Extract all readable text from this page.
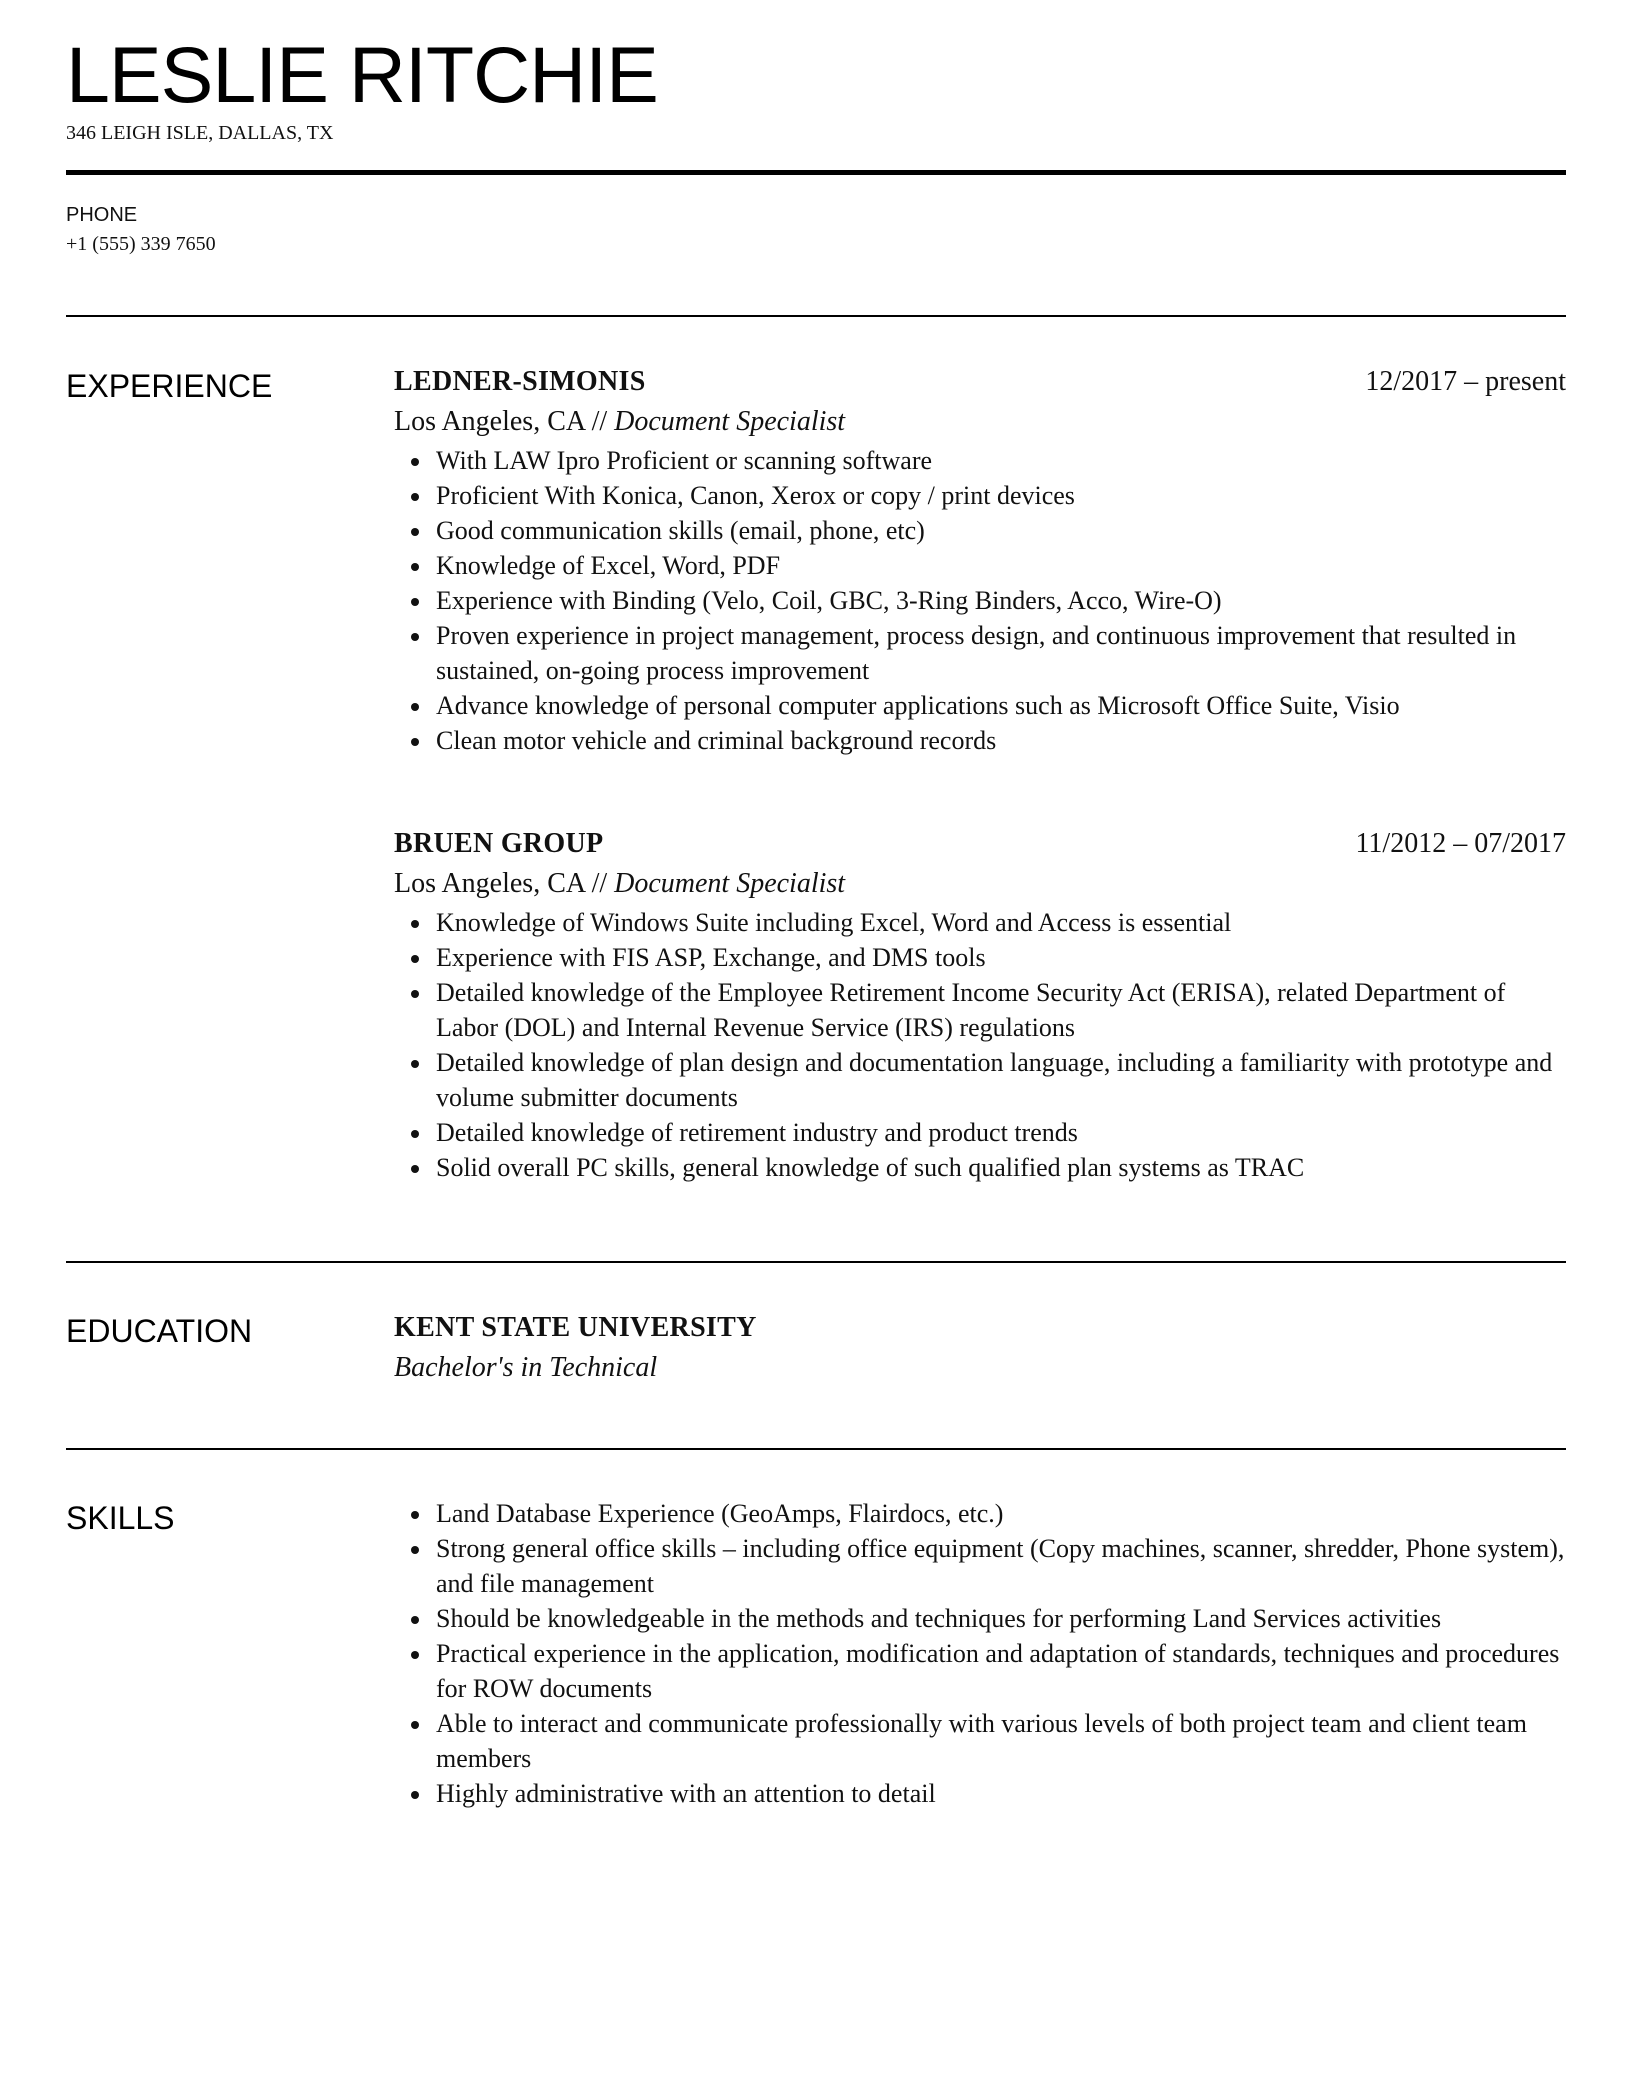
LESLIE RITCHIE
346 LEIGH ISLE, DALLAS, TX
PHONE
+1 (555) 339 7650
EXPERIENCE	LEDNER-SIMONIS	12/2017 – present
Los Angeles, CA // Document Specialist
With LAW Ipro Proficient or scanning software
Proficient With Konica, Canon, Xerox or copy / print devices
Good communication skills (email, phone, etc)
Knowledge of Excel, Word, PDF
Experience with Binding (Velo, Coil, GBC, 3-Ring Binders, Acco, Wire-O)
Proven experience in project management, process design, and continuous improvement that resulted in sustained, on-going process improvement
Advance knowledge of personal computer applications such as Microsoft Office Suite, Visio
Clean motor vehicle and criminal background records
BRUEN GROUP	11/2012 – 07/2017
Los Angeles, CA // Document Specialist
Knowledge of Windows Suite including Excel, Word and Access is essential
Experience with FIS ASP, Exchange, and DMS tools
Detailed knowledge of the Employee Retirement Income Security Act (ERISA), related Department of Labor (DOL) and Internal Revenue Service (IRS) regulations
Detailed knowledge of plan design and documentation language, including a familiarity with prototype and volume submitter documents
Detailed knowledge of retirement industry and product trends
Solid overall PC skills, general knowledge of such qualified plan systems as TRAC
EDUCATION	KENT STATE UNIVERSITY
Bachelor's in Technical
SKILLS	Land Database Experience (GeoAmps, Flairdocs, etc.)
Strong general office skills – including office equipment (Copy machines, scanner, shredder, Phone system), and file management
Should be knowledgeable in the methods and techniques for performing Land Services activities
Practical experience in the application, modification and adaptation of standards, techniques and procedures for ROW documents
Able to interact and communicate professionally with various levels of both project team and client team members
Highly administrative with an attention to detail
